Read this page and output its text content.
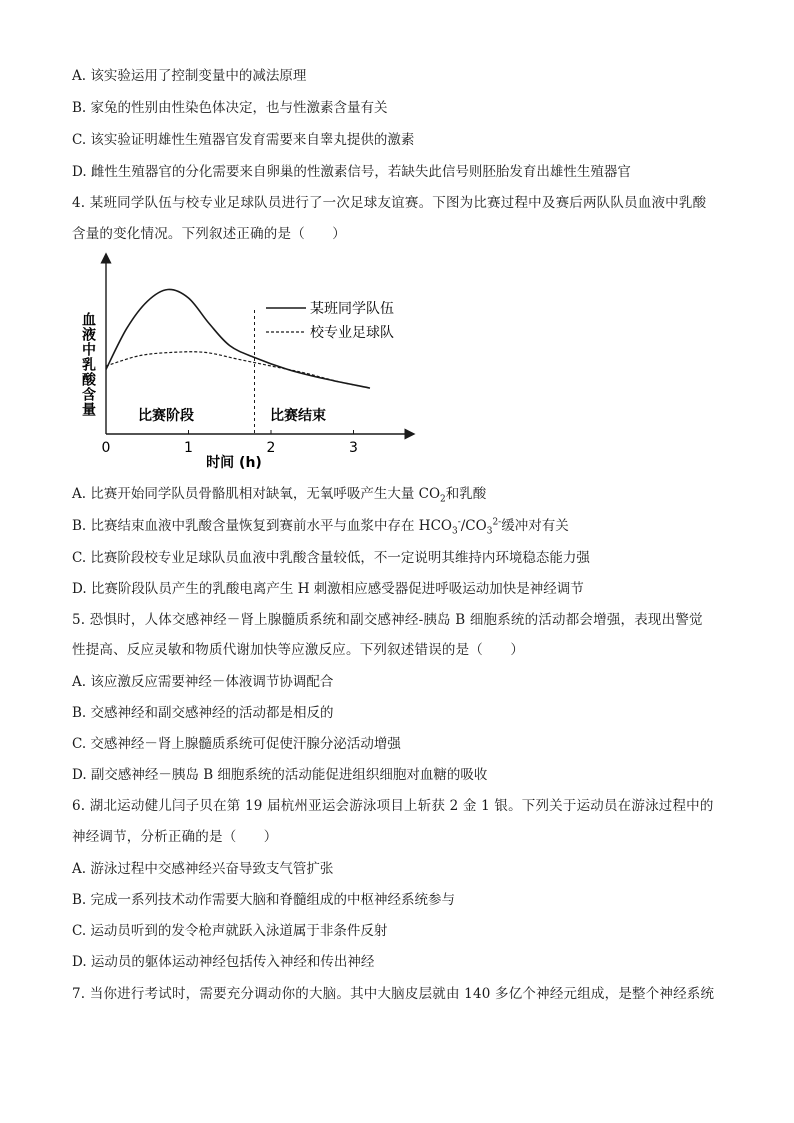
A. 该实验运用了控制变量中的减法原理
B. 家兔的性别由性染色体决定，也与性激素含量有关
C. 该实验证明雄性生殖器官发育需要来自睾丸提供的激素
D. 雌性生殖器官的分化需要来自卵巢的性激素信号，若缺失此信号则胚胎发育出雄性生殖器官
4. 某班同学队伍与校专业足球队员进行了一次足球友谊赛。下图为比赛过程中及赛后两队队员血液中乳酸
含量的变化情况。下列叙述正确的是（　　）
血液中乳酸含量
时间 (h)
比赛阶段	比赛结束
某班同学队伍
校专业足球队
0	1	2	3
A. 比赛开始同学队员骨骼肌相对缺氧，无氧呼吸产生大量 $CO_2$和乳酸
B. 比赛结束血液中乳酸含量恢复到赛前水平与血浆中存在 $HCO_3^-/CO_3^{2-}$缓冲对有关
C. 比赛阶段校专业足球队员血液中乳酸含量较低，不一定说明其维持内环境稳态能力强
D. 比赛阶段队员产生的乳酸电离产生 H 刺激相应感受器促进呼吸运动加快是神经调节
5. 恐惧时，人体交感神经－肾上腺髓质系统和副交感神经-胰岛 B 细胞系统的活动都会增强，表现出警觉
性提高、反应灵敏和物质代谢加快等应激反应。下列叙述错误的是（　　）
A. 该应激反应需要神经－体液调节协调配合
B. 交感神经和副交感神经的活动都是相反的
C. 交感神经－肾上腺髓质系统可促使汗腺分泌活动增强
D. 副交感神经－胰岛 B 细胞系统的活动能促进组织细胞对血糖的吸收
6. 湖北运动健儿闫子贝在第 19 届杭州亚运会游泳项目上斩获 2 金 1 银。下列关于运动员在游泳过程中的
神经调节，分析正确的是（　　）
A. 游泳过程中交感神经兴奋导致支气管扩张
B. 完成一系列技术动作需要大脑和脊髓组成的中枢神经系统参与
C. 运动员听到的发令枪声就跃入泳道属于非条件反射
D. 运动员的躯体运动神经包括传入神经和传出神经
7. 当你进行考试时，需要充分调动你的大脑。其中大脑皮层就由 140 多亿个神经元组成，是整个神经系统
